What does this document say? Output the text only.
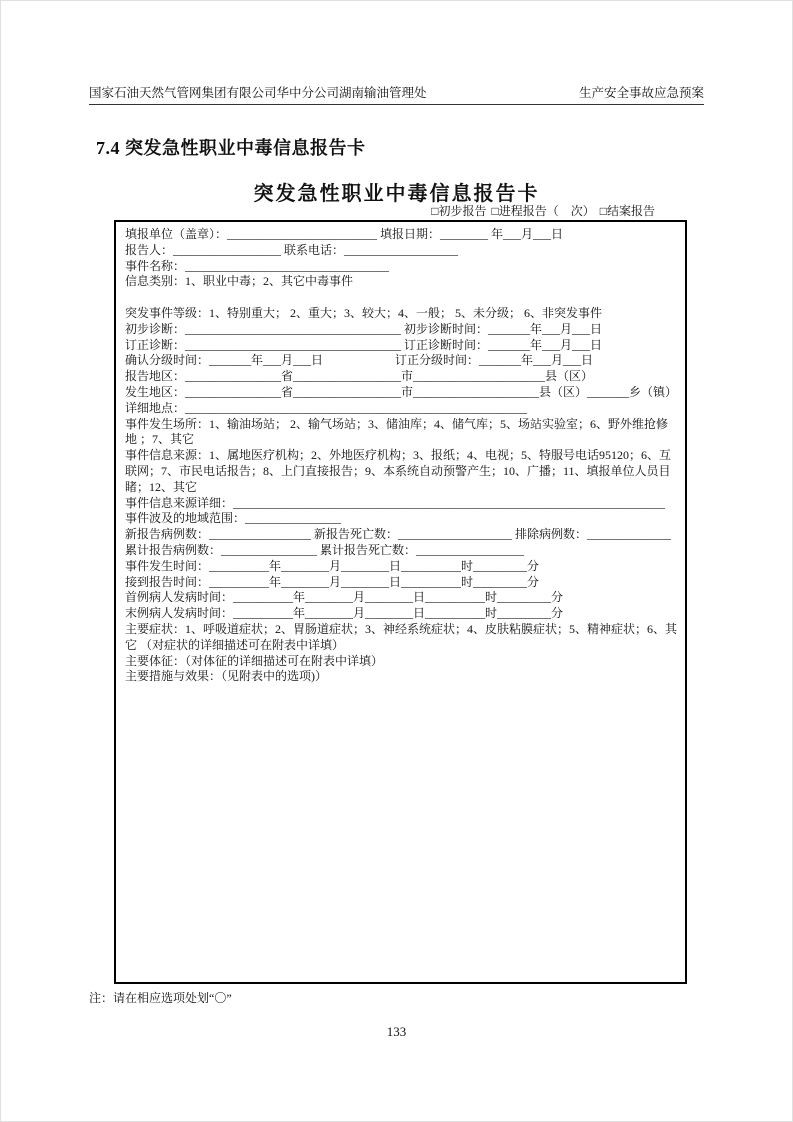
国家石油天然气管网集团有限公司华中分公司湖南输油管理处	生产安全事故应急预案
7.4 突发急性职业中毒信息报告卡
突发急性职业中毒信息报告卡
□初步报告 □进程报告（　次） □结案报告
填报单位（盖章）：_________________________ 填报日期：________ 年___月___日
报告人：__________________ 联系电话：___________________
事件名称：__________________________________
信息类别：1、职业中毒；2、其它中毒事件
突发事件等级：1、特别重大； 2、重大；3、较大；4、一般； 5、未分级； 6、非突发事件
初步诊断：____________________________________ 初步诊断时间：_______年___月___日
订正诊断：____________________________________ 订正诊断时间：_______年___月___日
确认分级时间：_______年___月___日　　　　　　订正分级时间：_______年___月___日
报告地区：________________省__________________市______________________县（区）
发生地区：________________省__________________市_____________________县（区）_______乡（镇）
详细地点：_________________________________________________________
事件发生场所：1、输油场站； 2、输气场站；3、储油库；4、储气库；5、场站实验室；6、野外维抢修地 ；7、其它
事件信息来源：1、属地医疗机构；2、外地医疗机构；3、报纸；4、电视；5、特服号电话95120；6、互联网；7、市民电话报告；8、上门直接报告；9、本系统自动预警产生；10、广播；11、填报单位人员目睹；12、其它
事件信息来源详细：________________________________________________________________________
事件波及的地域范围：________________
新报告病例数：_________________ 新报告死亡数：___________________ 排除病例数：______________
累计报告病例数：________________ 累计报告死亡数：__________________
事件发生时间：__________年________月________日__________时_________分
接到报告时间：__________年________月________日__________时_________分
首例病人发病时间：__________年________月________日__________时_________分
末例病人发病时间：__________年________月________日__________时_________分
主要症状：1、呼吸道症状；2、胃肠道症状；3、神经系统症状；4、皮肤粘膜症状；5、精神症状；6、其它 （对症状的详细描述可在附表中详填）
主要体征：（对体征的详细描述可在附表中详填）
主要措施与效果：（见附表中的选项)）
注：请在相应选项处划“〇”
133
